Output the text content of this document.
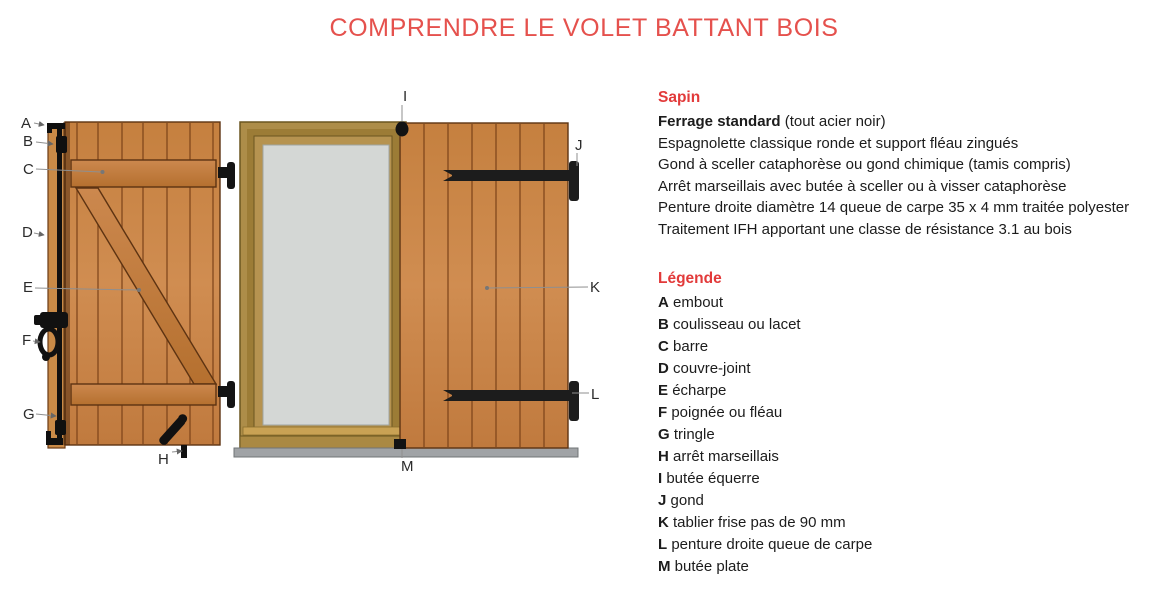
COMPRENDRE LE VOLET BATTANT BOIS
A
B
C
D
E
F
G
H
I
J
K
L
M
Sapin
Ferrage standard (tout acier noir)
Espagnolette classique ronde et support fléau zingués
Gond à sceller cataphorèse ou gond chimique (tamis compris)
Arrêt marseillais avec butée à sceller ou à visser cataphorèse
Penture droite diamètre 14 queue de carpe 35 x 4 mm traitée polyester
Traitement IFH apportant une classe de résistance 3.1 au bois
Légende
A embout
B coulisseau ou lacet
C barre
D couvre-joint
E écharpe
F poignée ou fléau
G tringle
H arrêt marseillais
I butée équerre
J gond
K tablier frise pas de 90 mm
L penture droite queue de carpe
M butée plate
